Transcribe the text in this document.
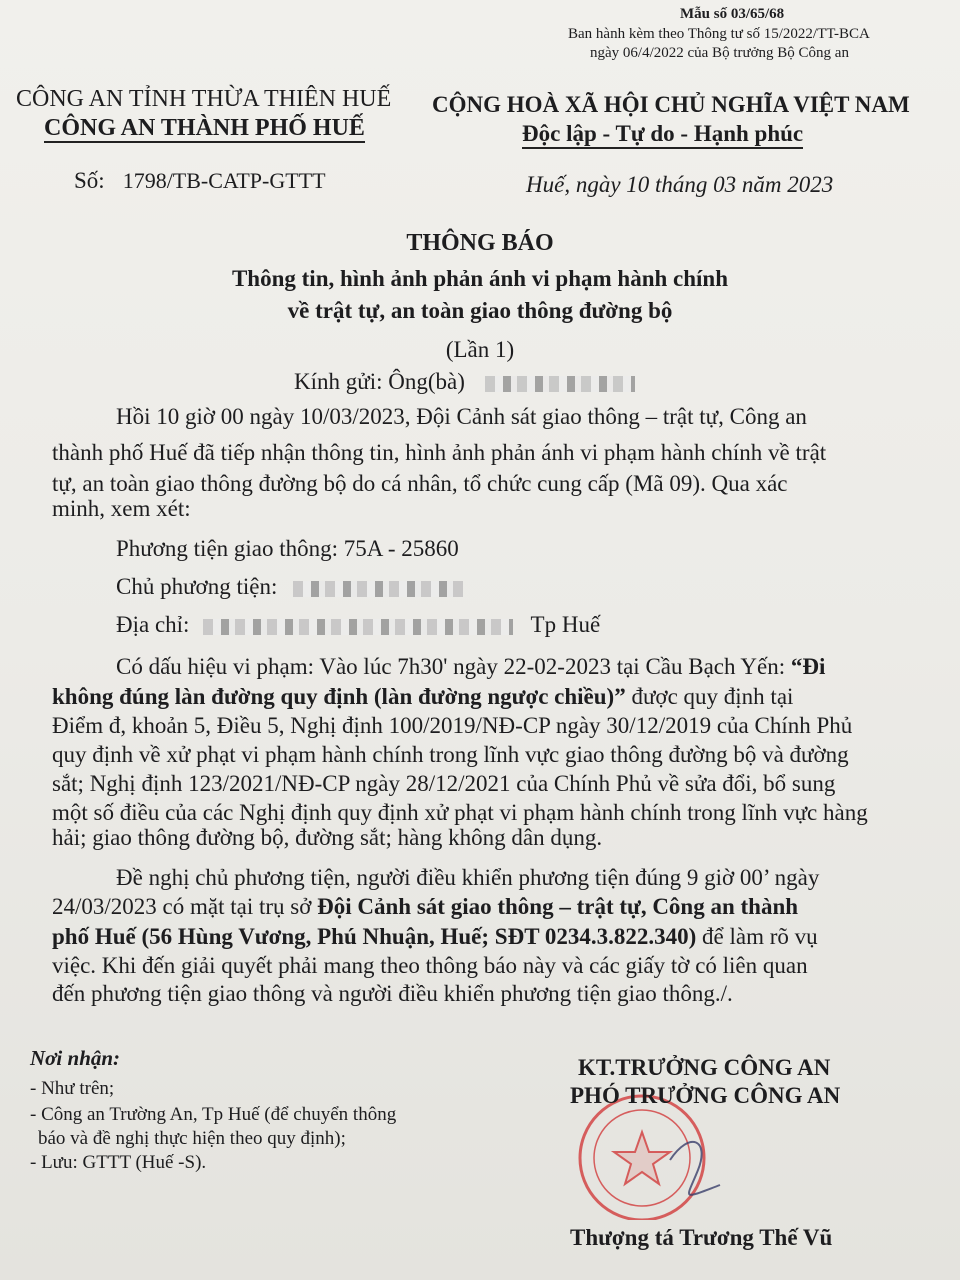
Mẫu số 03/65/68
Ban hành kèm theo Thông tư số 15/2022/TT-BCA
ngày 06/4/2022 của Bộ trưởng Bộ Công an
CÔNG AN TỈNH THỪA THIÊN HUẾ
CÔNG AN THÀNH PHỐ HUẾ
CỘNG HOÀ XÃ HỘI CHỦ NGHĨA VIỆT NAM
Độc lập - Tự do - Hạnh phúc
Số: 1798/TB-CATP-GTTT	Huế, ngày 10 tháng 03 năm 2023
THÔNG BÁO
Thông tin, hình ảnh phản ánh vi phạm hành chính
về trật tự, an toàn giao thông đường bộ
(Lần 1)
Kính gửi: Ông(bà)
Hồi 10 giờ 00 ngày 10/03/2023, Đội Cảnh sát giao thông – trật tự, Công an
thành phố Huế đã tiếp nhận thông tin, hình ảnh phản ánh vi phạm hành chính về trật
tự, an toàn giao thông đường bộ do cá nhân, tổ chức cung cấp (Mã 09). Qua xác
minh, xem xét:
Phương tiện giao thông: 75A - 25860
Chủ phương tiện:
Địa chỉ:	Tp Huế
Có dấu hiệu vi phạm: Vào lúc 7h30' ngày 22-02-2023 tại Cầu Bạch Yến: “Đi
không đúng làn đường quy định (làn đường ngược chiều)” được quy định tại
Điểm đ, khoản 5, Điều 5, Nghị định 100/2019/NĐ-CP ngày 30/12/2019 của Chính Phủ
quy định về xử phạt vi phạm hành chính trong lĩnh vực giao thông đường bộ và đường
sắt; Nghị định 123/2021/NĐ-CP ngày 28/12/2021 của Chính Phủ về sửa đổi, bổ sung
một số điều của các Nghị định quy định xử phạt vi phạm hành chính trong lĩnh vực hàng
hải; giao thông đường bộ, đường sắt; hàng không dân dụng.
Đề nghị chủ phương tiện, người điều khiển phương tiện đúng 9 giờ 00’ ngày
24/03/2023 có mặt tại trụ sở Đội Cảnh sát giao thông – trật tự, Công an thành
phố Huế (56 Hùng Vương, Phú Nhuận, Huế; SĐT 0234.3.822.340) để làm rõ vụ
việc. Khi đến giải quyết phải mang theo thông báo này và các giấy tờ có liên quan
đến phương tiện giao thông và người điều khiển phương tiện giao thông./.
Nơi nhận:
- Như trên;
- Công an Trường An, Tp Huế (để chuyển thông
báo và đề nghị thực hiện theo quy định);
- Lưu: GTTT (Huế -S).
KT.TRƯỞNG CÔNG AN
PHÓ TRƯỞNG CÔNG AN
Thượng tá Trương Thế Vũ
